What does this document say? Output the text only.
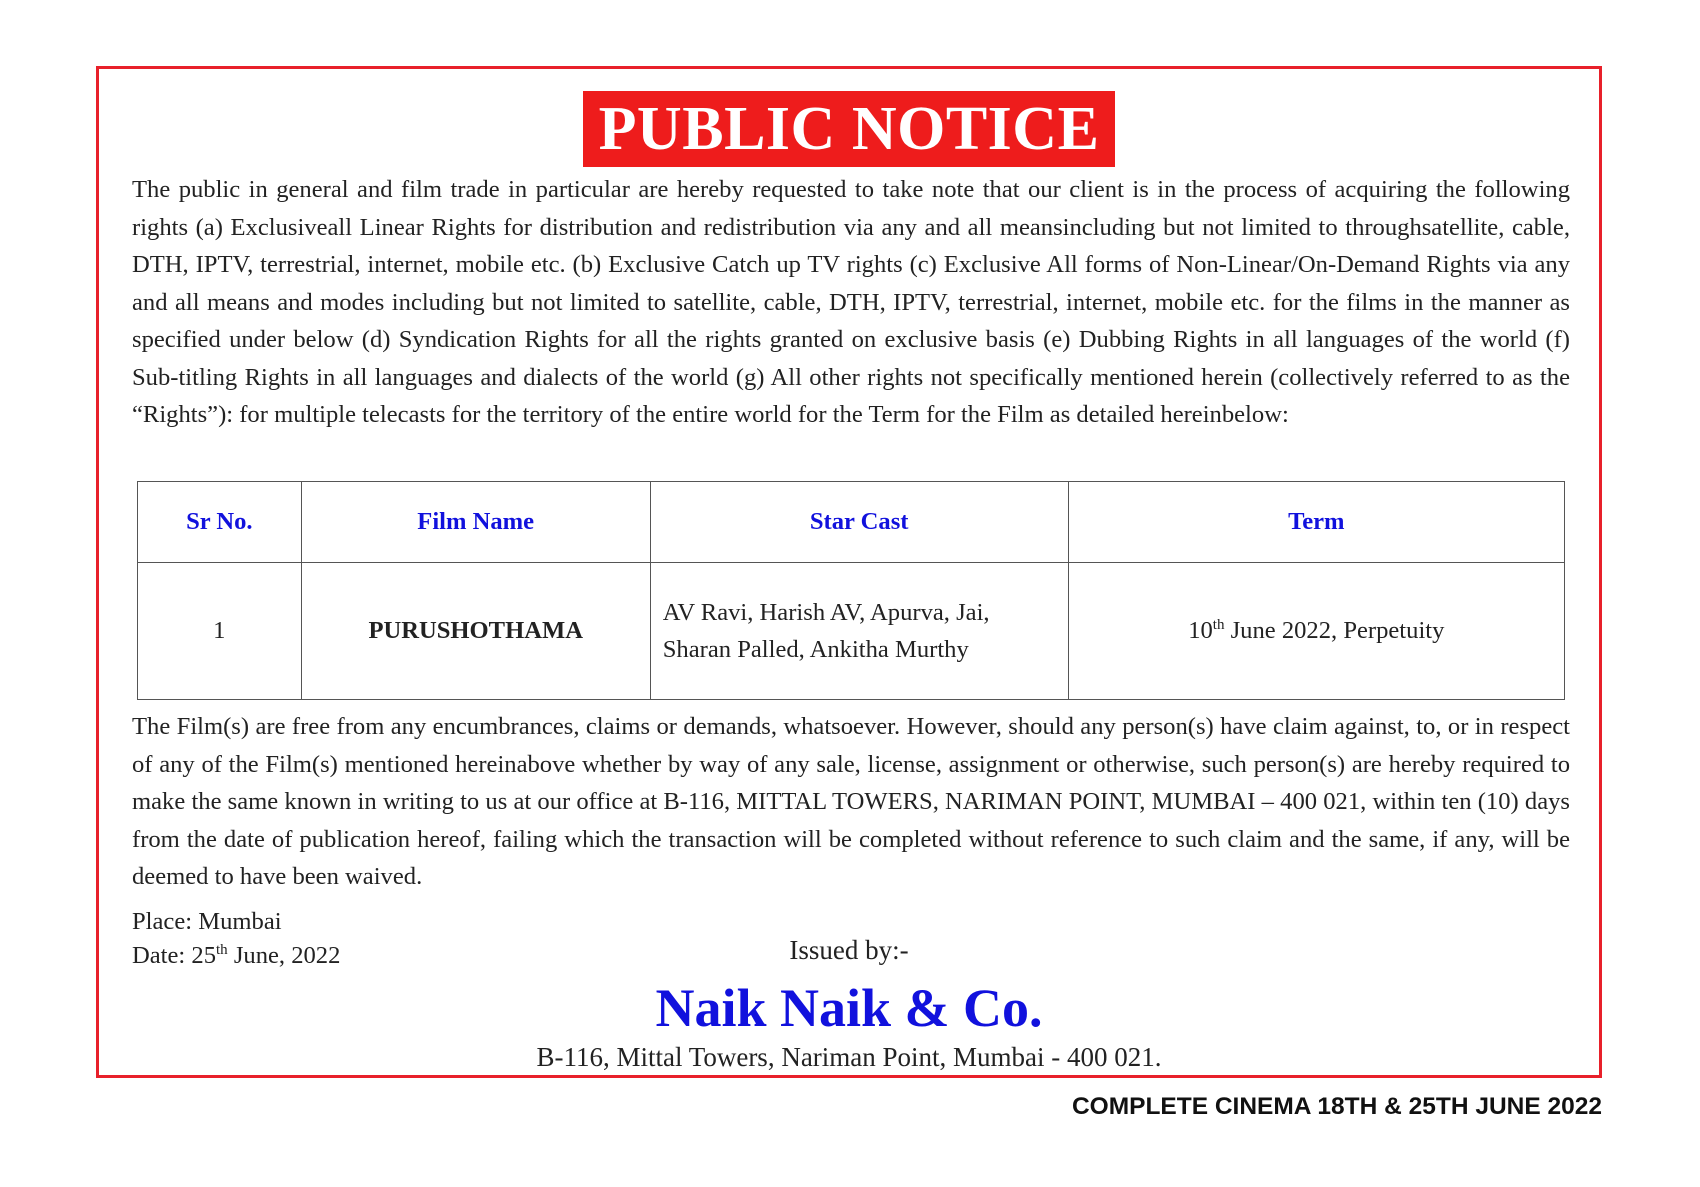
PUBLIC NOTICE

The public in general and film trade in particular are hereby requested to take note that our client is in the process of acquiring the following rights (a) Exclusiveall Linear Rights for distribution and redistribution via any and all meansincluding but not limited to throughsatellite, cable, DTH, IPTV, terrestrial, internet, mobile etc. (b) Exclusive Catch up TV rights (c) Exclusive All forms of Non-Linear/On-Demand Rights via any and all means and modes including but not limited to satellite, cable, DTH, IPTV, terrestrial, internet, mobile etc. for the films in the manner as specified under below (d) Syndication Rights for all the rights granted on exclusive basis (e) Dubbing Rights in all languages of the world (f) Sub-titling Rights in all languages and dialects of the world (g) All other rights not specifically mentioned herein (collectively referred to as the “Rights”): for multiple telecasts for the territory of the entire world for the Term for the Film as detailed hereinbelow:

Sr No.	Film Name	Star Cast	Term
1	PURUSHOTHAMA	AV Ravi, Harish AV, Apurva, Jai, Sharan Palled, Ankitha Murthy	10th June 2022, Perpetuity

The Film(s) are free from any encumbrances, claims or demands, whatsoever. However, should any person(s) have claim against, to, or in respect of any of the Film(s) mentioned hereinabove whether by way of any sale, license, assignment or otherwise, such person(s) are hereby required to make the same known in writing to us at our office at B-116, MITTAL TOWERS, NARIMAN POINT, MUMBAI – 400 021, within ten (10) days from the date of publication hereof, failing which the transaction will be completed without reference to such claim and the same, if any, will be deemed to have been waived.

Place: Mumbai
Date: 25th June, 2022	Issued by:-
Naik Naik & Co.
B-116, Mittal Towers, Nariman Point, Mumbai - 400 021.
COMPLETE CINEMA 18TH & 25TH JUNE 2022
